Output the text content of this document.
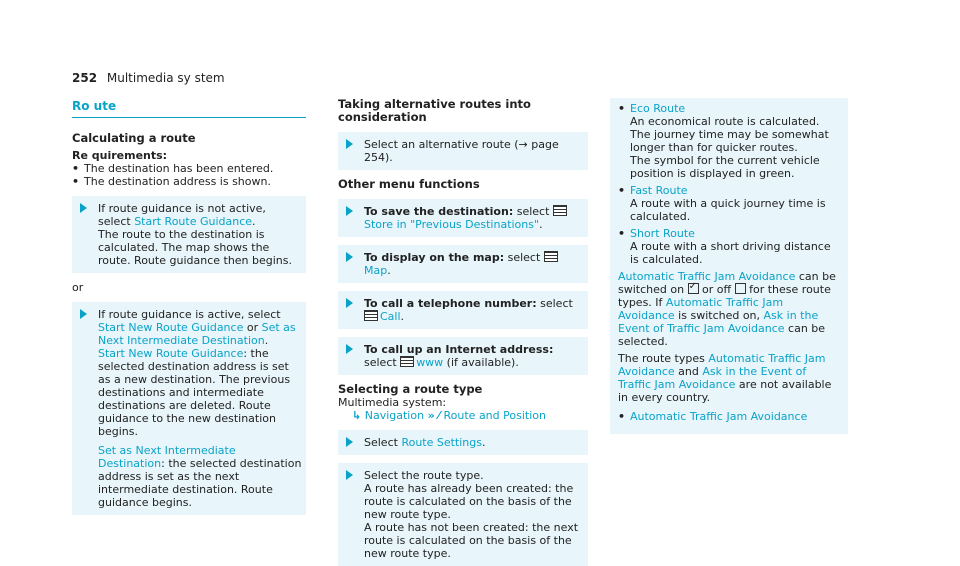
252 Multimedia sy stem
Ro ute
Calculating a route
Re quirements:
• The destination has been entered.
• The destination address is shown.
If route guidance is not active, select Start Route Guidance.
The route to the destination is calculated. The map shows the route. Route guidance then begins.
or
If route guidance is active, select Start New Route Guidance or Set as Next Intermediate Destination.
Start New Route Guidance: the selected destination address is set as a new destination. The previous destinations and intermediate destinations are deleted. Route guidance to the new destination begins.

Set as Next Intermediate Destination: the selected destination address is set as the next intermediate destination. Route guidance begins.
Taking alternative routes into consideration
Select an alternative route (→ page 254).
Other menu functions
To save the destination: select Store in "Previous Destinations".
To display on the map: select Map.
To call a telephone number: select Call.
To call up an Internet address: select www (if available).
Selecting a route type
Multimedia system:
↳ Navigation » ⁄ Route and Position
Select Route Settings.
Select the route type.
A route has already been created: the route is calculated on the basis of the new route type.
A route has not been created: the next route is calculated on the basis of the new route type.
• Eco Route
An economical route is calculated. The journey time may be somewhat longer than for quicker routes.
The symbol for the current vehicle position is displayed in green.
• Fast Route
A route with a quick journey time is calculated.
• Short Route
A route with a short driving distance is calculated.
Automatic Traffic Jam Avoidance can be switched on ✓ or off  for these route types. If Automatic Traffic Jam Avoidance is switched on, Ask in the Event of Traffic Jam Avoidance can be selected.
The route types Automatic Traffic Jam Avoidance and Ask in the Event of Traffic Jam Avoidance are not available in every country.
• Automatic Traffic Jam Avoidance
